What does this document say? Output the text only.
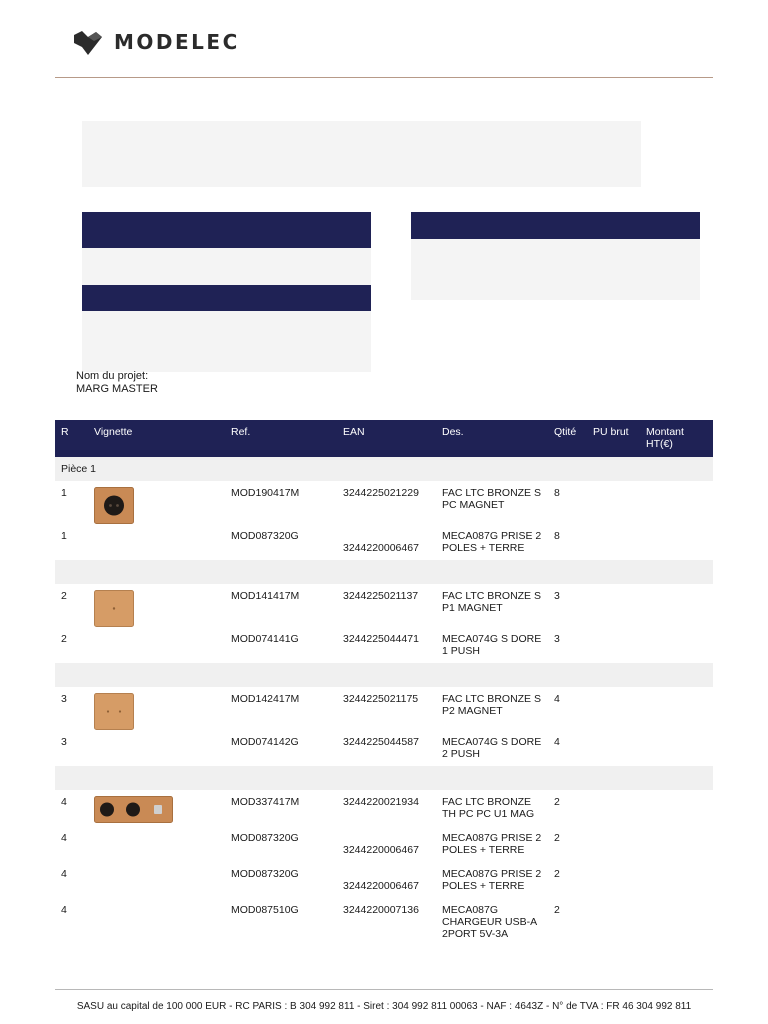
MODELEC
Nom du projet:
MARG MASTER
R	Vignette	Ref.	EAN	Des.	Qtité	PU brut	Montant HT(€)
Pièce 1							
1		MOD190417M	3244225021229	FAC LTC BRONZE S PC MAGNET	8		
1		MOD087320G	3244220006467	MECA087G PRISE 2 POLES + TERRE	8		

2		MOD141417M	3244225021137	FAC LTC BRONZE S P1 MAGNET	3		
2		MOD074141G	3244225044471	MECA074G S DORE 1 PUSH	3		

3		MOD142417M	3244225021175	FAC LTC BRONZE S P2 MAGNET	4		
3		MOD074142G	3244225044587	MECA074G S DORE 2 PUSH	4		

4		MOD337417M	3244220021934	FAC LTC BRONZE TH PC PC U1 MAG	2		
4		MOD087320G	3244220006467	MECA087G PRISE 2 POLES + TERRE	2		
4		MOD087320G	3244220006467	MECA087G PRISE 2 POLES + TERRE	2		
4		MOD087510G	3244220007136	MECA087G CHARGEUR USB-A 2PORT 5V-3A	2		
SASU au capital de 100 000 EUR - RC PARIS : B 304 992 811 - Siret : 304 992 811 00063 - NAF : 4643Z - N° de TVA : FR 46 304 992 811
